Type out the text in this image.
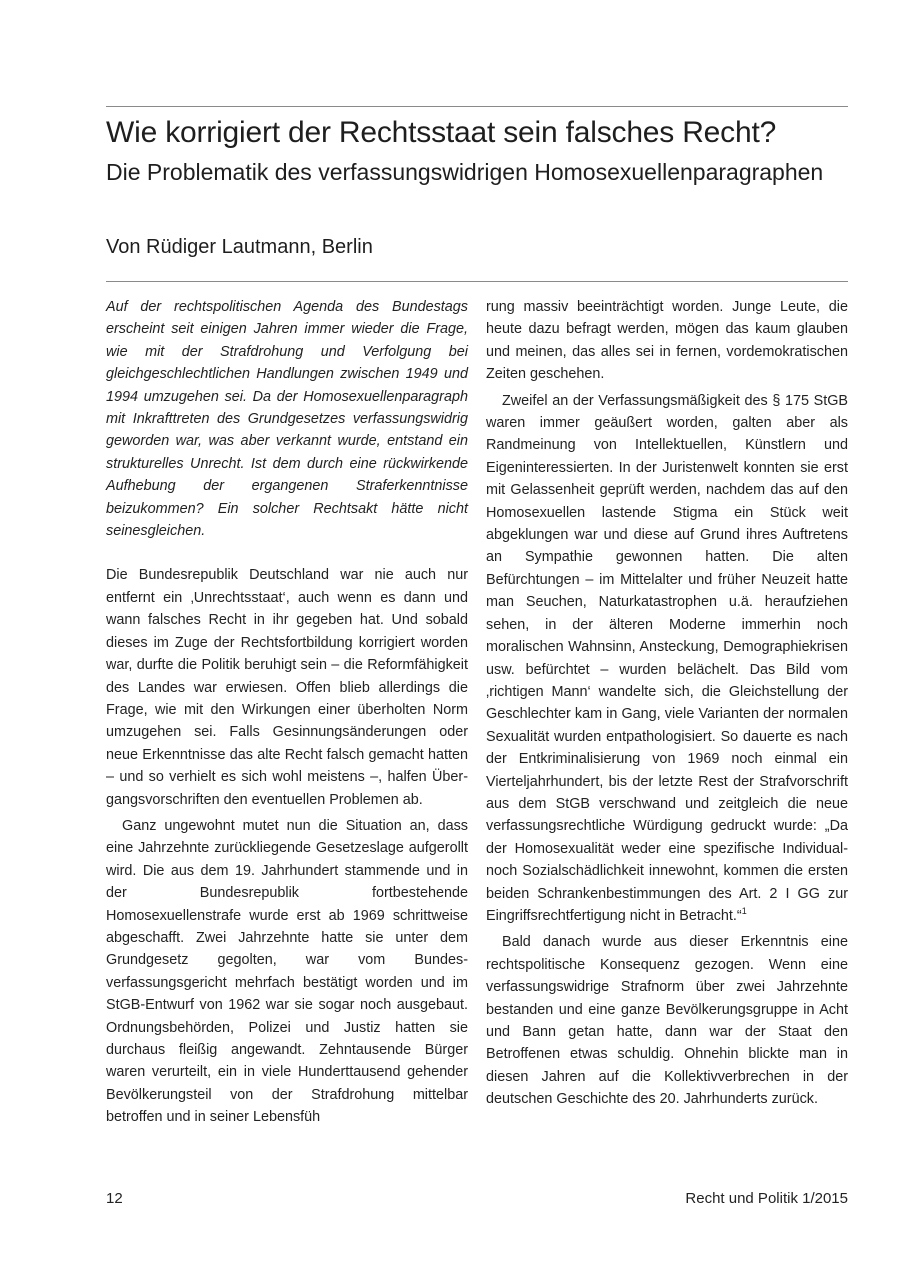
Wie korrigiert der Rechtsstaat sein falsches Recht?
Die Problematik des verfassungswidrigen Homosexuellenparagraphen

Von Rüdiger Lautmann, Berlin

Auf der rechtspolitischen Agenda des Bundestags erscheint seit einigen Jahren immer wieder die Frage, wie mit der Strafdrohung und Verfolgung bei gleichgeschlechtlichen Handlungen zwischen 1949 und 1994 umzugehen sei. Da der Homosexuellenparagraph mit Inkrafttreten des Grundgesetzes verfassungswidrig geworden war, was aber verkannt wurde, entstand ein strukturelles Unrecht. Ist dem durch eine rückwirkende Aufhebung der ergangenen Straferkenntnisse beizukommen? Ein solcher Rechtsakt hätte nicht seinesgleichen.

Die Bundesrepublik Deutschland war nie auch nur entfernt ein ‚Unrechtsstaat‘, auch wenn es dann und wann falsches Recht in ihr gegeben hat. Und sobald dieses im Zuge der Rechtsfortbildung korrigiert worden war, durfte die Politik beruhigt sein – die Reformfähigkeit des Landes war erwiesen. Offen blieb allerdings die Frage, wie mit den Wirkungen einer überholten Norm umzugehen sei. Falls Gesinnungsänderungen oder neue Erkenntnisse das alte Recht falsch gemacht hatten – und so verhielt es sich wohl meistens –, halfen Übergangsvorschriften den eventuellen Problemen ab.

Ganz ungewohnt mutet nun die Situation an, dass eine Jahrzehnte zurückliegende Gesetzeslage aufgerollt wird. Die aus dem 19. Jahrhundert stammende und in der Bundesrepublik fortbestehende Homosexuellenstrafe wurde erst ab 1969 schrittweise abgeschafft. Zwei Jahrzehnte hatte sie unter dem Grundgesetz gegolten, war vom Bundesverfassungsgericht mehrfach bestätigt worden und im StGB-Entwurf von 1962 war sie sogar noch ausgebaut. Ordnungsbehörden, Polizei und Justiz hatten sie durchaus fleißig angewandt. Zehntausende Bürger waren verurteilt, ein in viele Hunderttausend gehender Bevölkerungsteil von der Strafdrohung mittelbar betroffen und in seiner Lebensfüh

rung massiv beeinträchtigt worden. Junge Leute, die heute dazu befragt werden, mögen das kaum glauben und meinen, das alles sei in fernen, vordemokratischen Zeiten geschehen.

Zweifel an der Verfassungsmäßigkeit des § 175 StGB waren immer geäußert worden, galten aber als Randmeinung von Intellektuellen, Künstlern und Eigeninteressierten. In der Juristenwelt konnten sie erst mit Gelassenheit geprüft werden, nachdem das auf den Homosexuellen lastende Stigma ein Stück weit abgeklungen war und diese auf Grund ihres Auftretens an Sympathie gewonnen hatten. Die alten Befürchtungen – im Mittelalter und früher Neuzeit hatte man Seuchen, Naturkatastrophen u.ä. heraufziehen sehen, in der älteren Moderne immerhin noch moralischen Wahnsinn, Ansteckung, Demographiekrisen usw. befürchtet – wurden belächelt. Das Bild vom ‚richtigen Mann‘ wandelte sich, die Gleichstellung der Geschlechter kam in Gang, viele Varianten der normalen Sexualität wurden entpathologisiert. So dauerte es nach der Entkriminalisierung von 1969 noch einmal ein Vierteljahrhundert, bis der letzte Rest der Strafvorschrift aus dem StGB verschwand und zeitgleich die neue verfassungsrechtliche Würdigung gedruckt wurde: „Da der Homosexualität weder eine spezifische Individual- noch Sozialschädlichkeit innewohnt, kommen die ersten beiden Schrankenbestimmungen des Art. 2 I GG zur Eingriffsrechtfertigung nicht in Betracht.“$^1$

Bald danach wurde aus dieser Erkenntnis eine rechtspolitische Konsequenz gezogen. Wenn eine verfassungswidrige Strafnorm über zwei Jahrzehnte bestanden und eine ganze Bevölkerungsgruppe in Acht und Bann getan hatte, dann war der Staat den Betroffenen etwas schuldig. Ohnehin blickte man in diesen Jahren auf die Kollektivverbrechen in der deutschen Geschichte des 20. Jahrhunderts zurück.

12	Recht und Politik 1/2015
